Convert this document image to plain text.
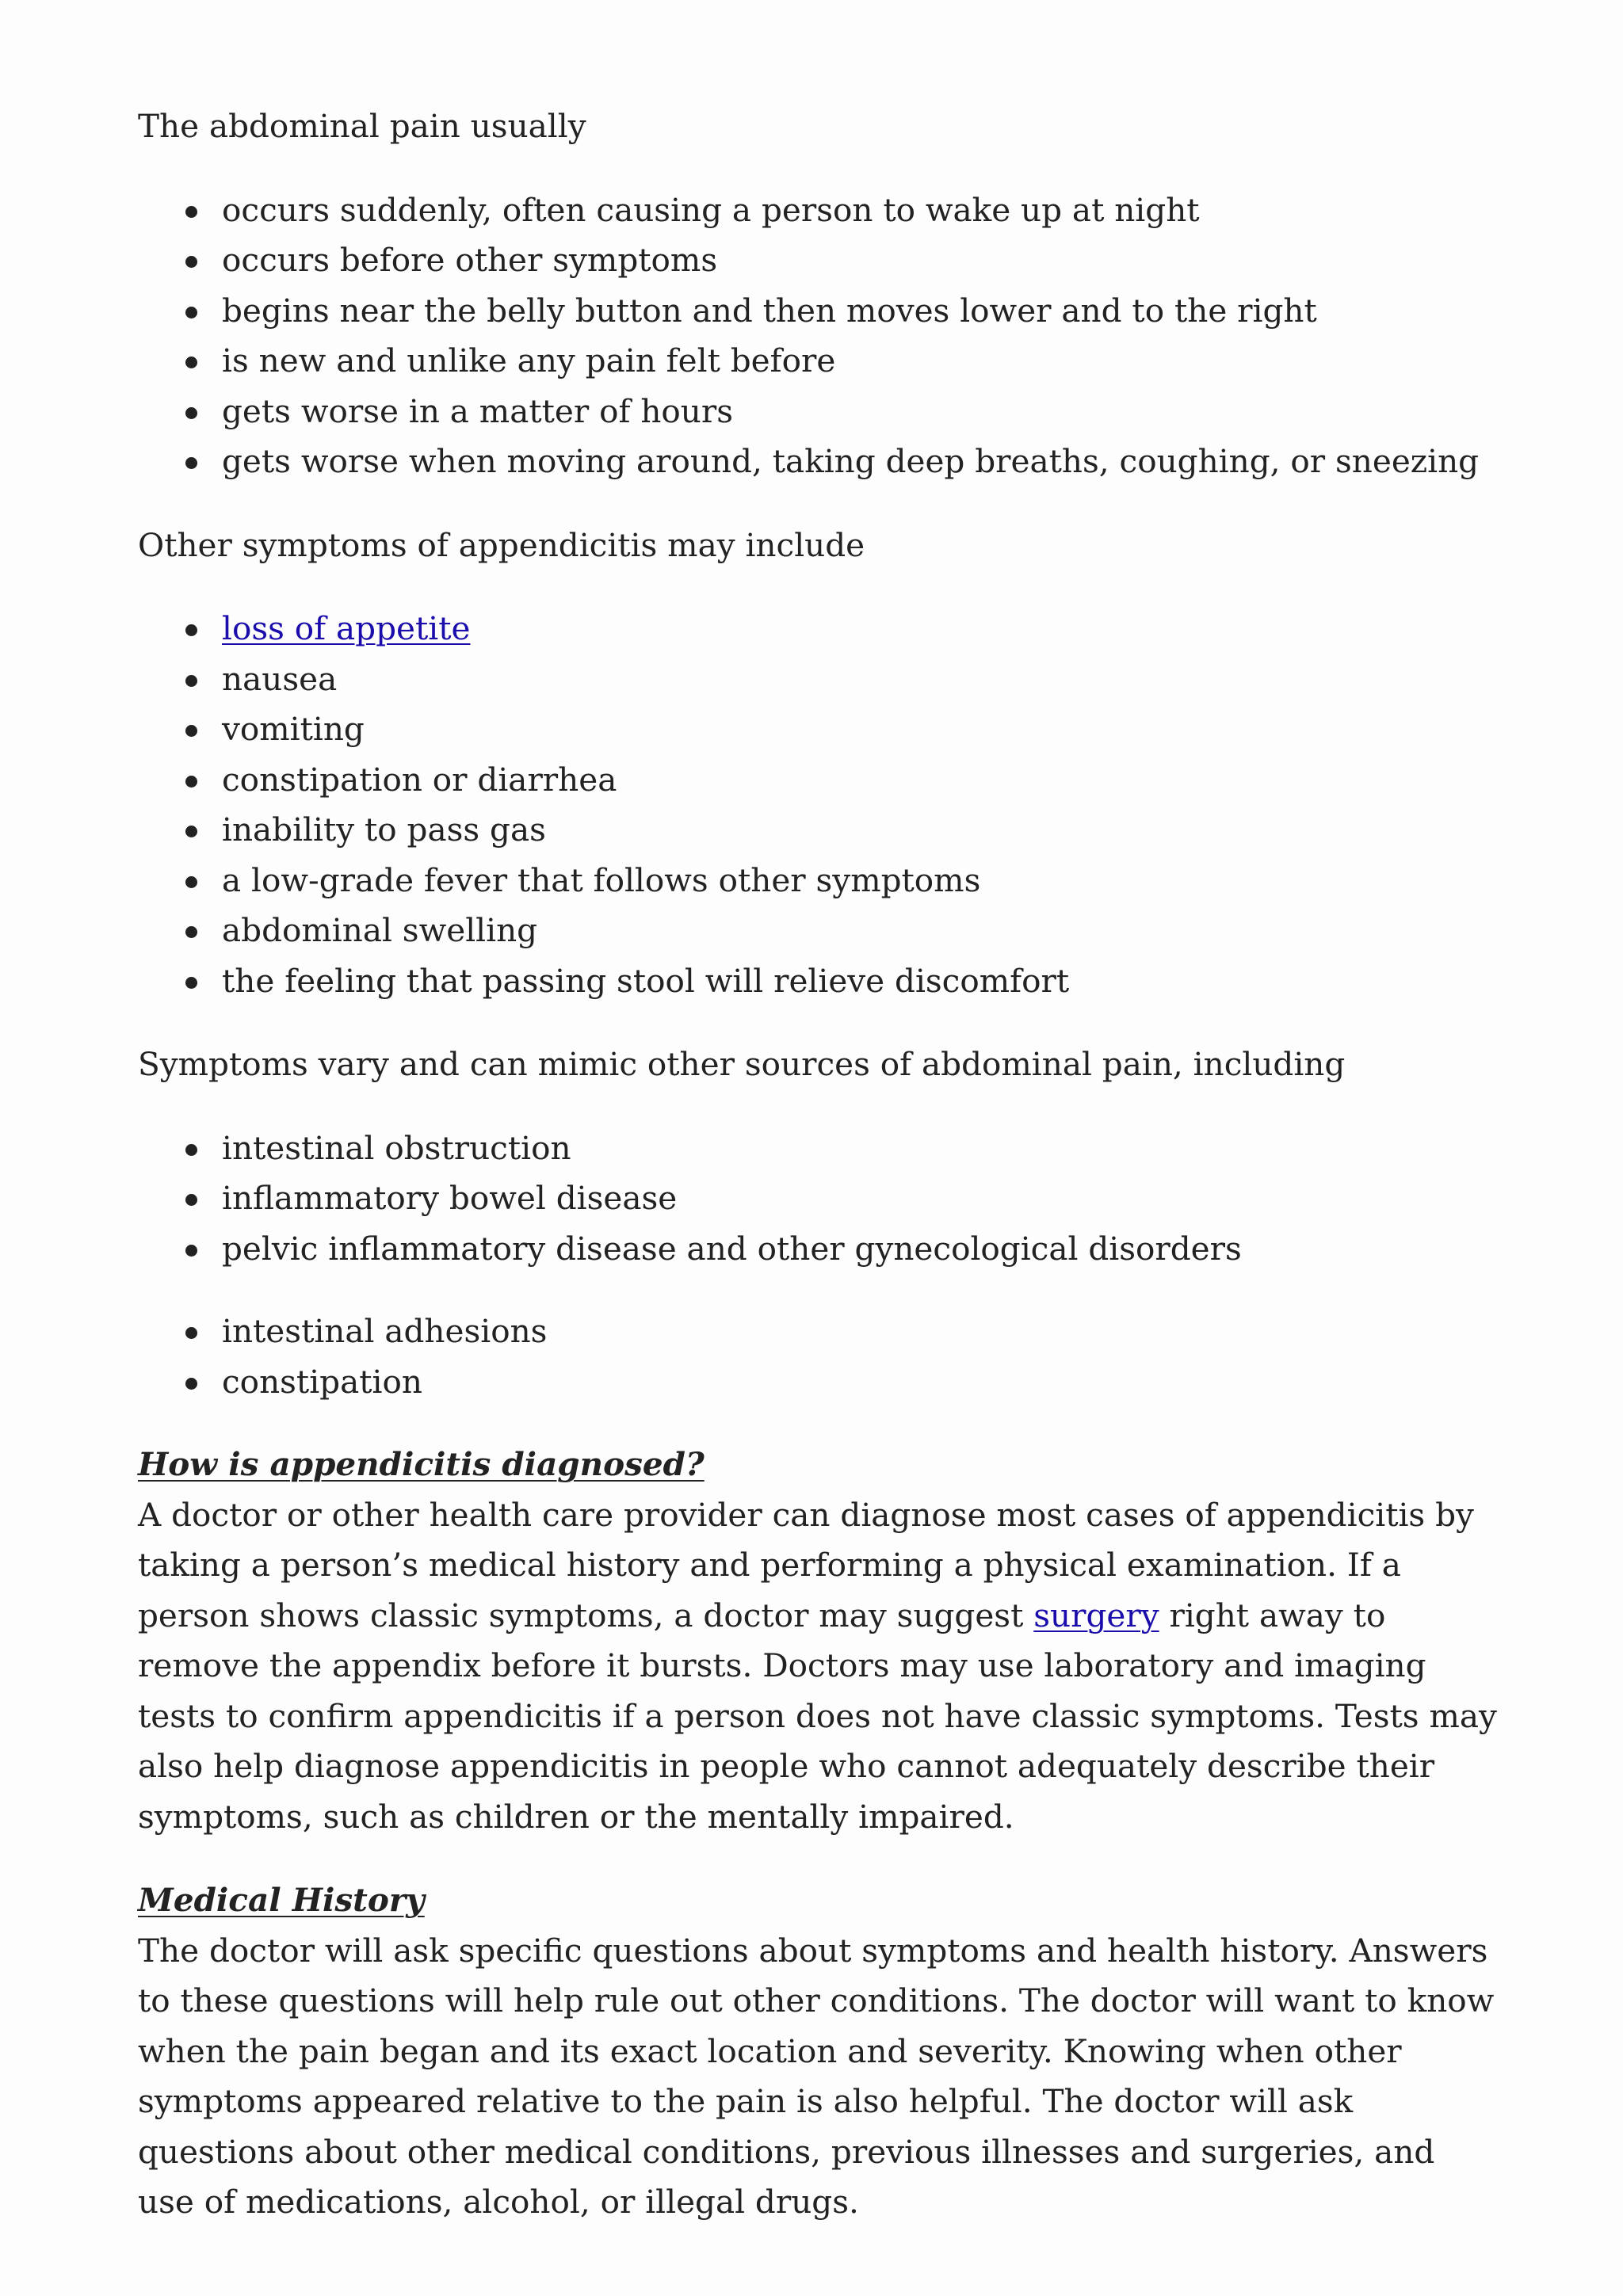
The abdominal pain usually

occurs suddenly, often causing a person to wake up at night
occurs before other symptoms
begins near the belly button and then moves lower and to the right
is new and unlike any pain felt before
gets worse in a matter of hours
gets worse when moving around, taking deep breaths, coughing, or sneezing

Other symptoms of appendicitis may include

loss of appetite
nausea
vomiting
constipation or diarrhea
inability to pass gas
a low-grade fever that follows other symptoms
abdominal swelling
the feeling that passing stool will relieve discomfort

Symptoms vary and can mimic other sources of abdominal pain, including

intestinal obstruction
inflammatory bowel disease
pelvic inflammatory disease and other gynecological disorders
intestinal adhesions
constipation
How is appendicitis diagnosed?

A doctor or other health care provider can diagnose most cases of appendicitis by taking a person’s medical history and performing a physical examination. If a person shows classic symptoms, a doctor may suggest surgery right away to remove the appendix before it bursts. Doctors may use laboratory and imaging tests to confirm appendicitis if a person does not have classic symptoms. Tests may also help diagnose appendicitis in people who cannot adequately describe their symptoms, such as children or the mentally impaired.

Medical History

The doctor will ask specific questions about symptoms and health history. Answers to these questions will help rule out other conditions. The doctor will want to know when the pain began and its exact location and severity. Knowing when other symptoms appeared relative to the pain is also helpful. The doctor will ask questions about other medical conditions, previous illnesses and surgeries, and use of medications, alcohol, or illegal drugs.
